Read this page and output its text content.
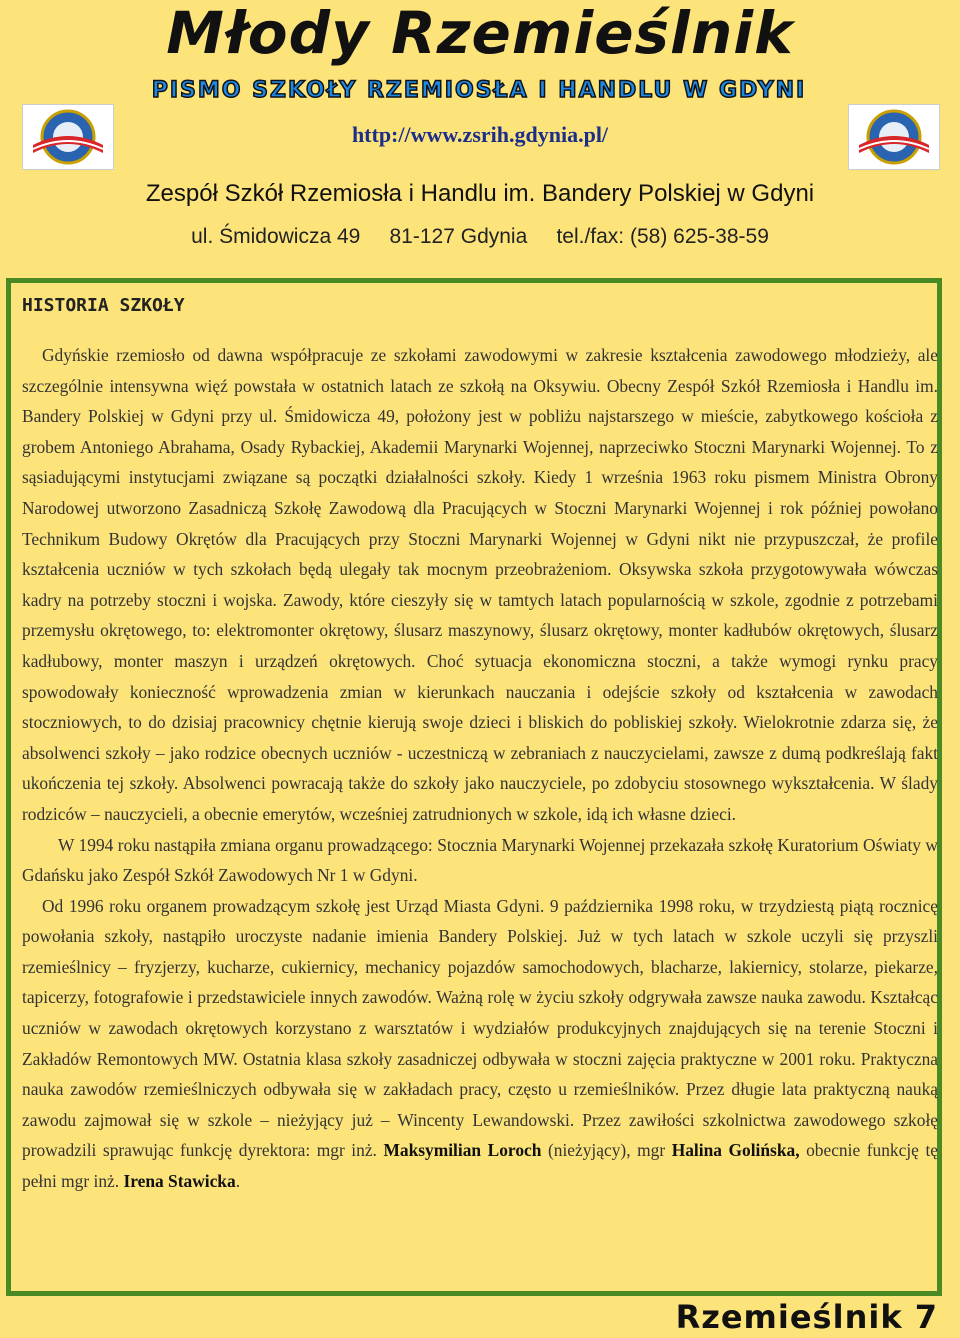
Młody Rzemieślnik
PISMO SZKOŁY RZEMIOSŁA I HANDLU W GDYNI
http://www.zsrih.gdynia.pl/
Zespół Szkół Rzemiosła i Handlu im. Bandery Polskiej w Gdyni
ul. Śmidowicza 49     81-127 Gdynia     tel./fax: (58) 625-38-59
HISTORIA SZKOŁY

Gdyńskie rzemiosło od dawna współpracuje ze szkołami zawodowymi w zakresie kształcenia zawodowego młodzieży, ale szczególnie intensywna więź powstała w ostatnich latach ze szkołą na Oksywiu. Obecny Zespół Szkół Rzemiosła i Handlu im. Bandery Polskiej w Gdyni przy ul. Śmidowicza 49, położony jest w pobliżu najstarszego w mieście, zabytkowego kościoła z grobem Antoniego Abrahama, Osady Rybackiej, Akademii Marynarki Wojennej, naprzeciwko Stoczni Marynarki Wojennej. To z sąsiadującymi instytucjami związane są początki działalności szkoły. Kiedy 1 września 1963 roku pismem Ministra Obrony Narodowej utworzono Zasadniczą Szkołę Zawodową dla Pracujących w Stoczni Marynarki Wojennej i rok później powołano Technikum Budowy Okrętów dla Pracujących przy Stoczni Marynarki Wojennej w Gdyni nikt nie przypuszczał, że profile kształcenia uczniów w tych szkołach będą ulegały tak mocnym przeobrażeniom. Oksywska szkoła przygotowywała wówczas kadry na potrzeby stoczni i wojska. Zawody, które cieszyły się w tamtych latach popularnością w szkole, zgodnie z potrzebami przemysłu okrętowego, to: elektromonter okrętowy, ślusarz maszynowy, ślusarz okrętowy, monter kadłubów okrętowych, ślusarz kadłubowy, monter maszyn i urządzeń okrętowych. Choć sytuacja ekonomiczna stoczni, a także wymogi rynku pracy spowodowały konieczność wprowadzenia zmian w kierunkach nauczania i odejście szkoły od kształcenia w zawodach stoczniowych, to do dzisiaj pracownicy chętnie kierują swoje dzieci i bliskich do pobliskiej szkoły. Wielokrotnie zdarza się, że absolwenci szkoły – jako rodzice obecnych uczniów - uczestniczą w zebraniach z nauczycielami, zawsze z dumą podkreślają fakt ukończenia tej szkoły. Absolwenci powracają także do szkoły jako nauczyciele, po zdobyciu stosownego wykształcenia. W ślady rodziców – nauczycieli, a obecnie emerytów, wcześniej zatrudnionych w szkole, idą ich własne dzieci.

W 1994 roku nastąpiła zmiana organu prowadzącego: Stocznia Marynarki Wojennej przekazała szkołę Kuratorium Oświaty w Gdańsku jako Zespół Szkół Zawodowych Nr 1 w Gdyni.

Od 1996 roku organem prowadzącym szkołę jest Urząd Miasta Gdyni. 9 października 1998 roku, w trzydziestą piątą rocznicę powołania szkoły, nastąpiło uroczyste nadanie imienia Bandery Polskiej. Już w tych latach w szkole uczyli się przyszli rzemieślnicy – fryzjerzy, kucharze, cukiernicy, mechanicy pojazdów samochodowych, blacharze, lakiernicy, stolarze, piekarze, tapicerzy, fotografowie i przedstawiciele innych zawodów. Ważną rolę w życiu szkoły odgrywała zawsze nauka zawodu. Kształcąc uczniów w zawodach okrętowych korzystano z warsztatów i wydziałów produkcyjnych znajdujących się na terenie Stoczni i Zakładów Remontowych MW. Ostatnia klasa szkoły zasadniczej odbywała w stoczni zajęcia praktyczne w 2001 roku. Praktyczna nauka zawodów rzemieślniczych odbywała się w zakładach pracy, często u rzemieślników. Przez długie lata praktyczną nauką zawodu zajmował się w szkole – nieżyjący już – Wincenty Lewandowski. Przez zawiłości szkolnictwa zawodowego szkołę prowadzili sprawując funkcję dyrektora: mgr inż. Maksymilian Loroch (nieżyjący), mgr Halina Golińska, obecnie funkcję tę pełni mgr inż. Irena Stawicka.

Rzemieślnik 7
